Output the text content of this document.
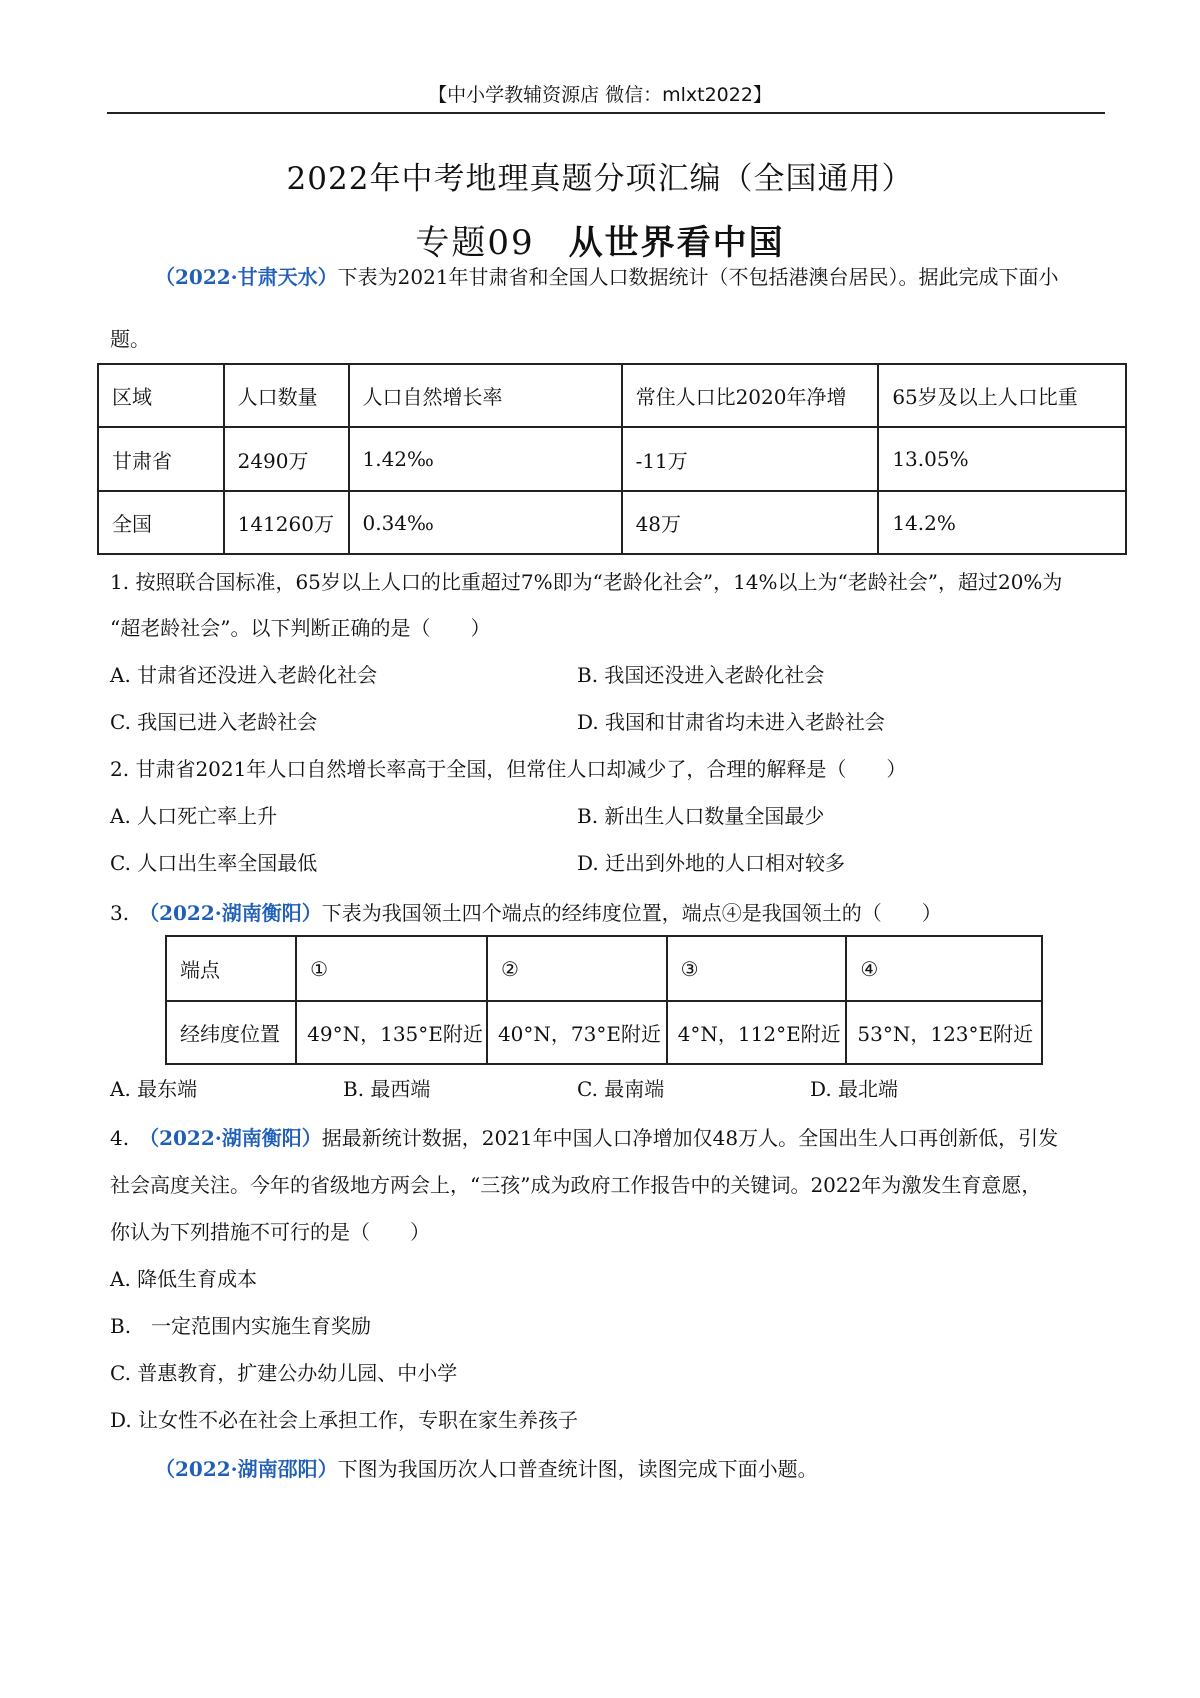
【中小学教辅资源店 微信：mlxt2022】
2022年中考地理真题分项汇编（全国通用）
专题09 从世界看中国
（2022·甘肃天水）下表为2021年甘肃省和全国人口数据统计（不包括港澳台居民）。据此完成下面小
题。
区域	人口数量	人口自然增长率	常住人口比2020年净增	65岁及以上人口比重
甘肃省	2490万	1.42‰	-11万	13.05%
全国	141260万	0.34‰	48万	14.2%
1. 按照联合国标准，65岁以上人口的比重超过7%即为“老龄化社会”，14%以上为“老龄社会”，超过20%为
“超老龄社会”。以下判断正确的是（　　）
A. 甘肃省还没进入老龄化社会	B. 我国还没进入老龄化社会
C. 我国已进入老龄社会	D. 我国和甘肃省均未进入老龄社会
2. 甘肃省2021年人口自然增长率高于全国，但常住人口却减少了，合理的解释是（　　）
A. 人口死亡率上升	B. 新出生人口数量全国最少
C. 人口出生率全国最低	D. 迁出到外地的人口相对较多
3. （2022·湖南衡阳）下表为我国领土四个端点的经纬度位置，端点④是我国领土的（　　）
端点	①	②	③	④
经纬度位置	49°N，135°E附近	40°N，73°E附近	4°N，112°E附近	53°N，123°E附近
A. 最东端	B. 最西端	C. 最南端	D. 最北端
4. （2022·湖南衡阳）据最新统计数据，2021年中国人口净增加仅48万人。全国出生人口再创新低，引发
社会高度关注。今年的省级地方两会上，“三孩”成为政府工作报告中的关键词。2022年为激发生育意愿，
你认为下列措施不可行的是（　　）
A. 降低生育成本
B.　一定范围内实施生育奖励
C. 普惠教育，扩建公办幼儿园、中小学
D. 让女性不必在社会上承担工作，专职在家生养孩子
（2022·湖南邵阳）下图为我国历次人口普查统计图，读图完成下面小题。
